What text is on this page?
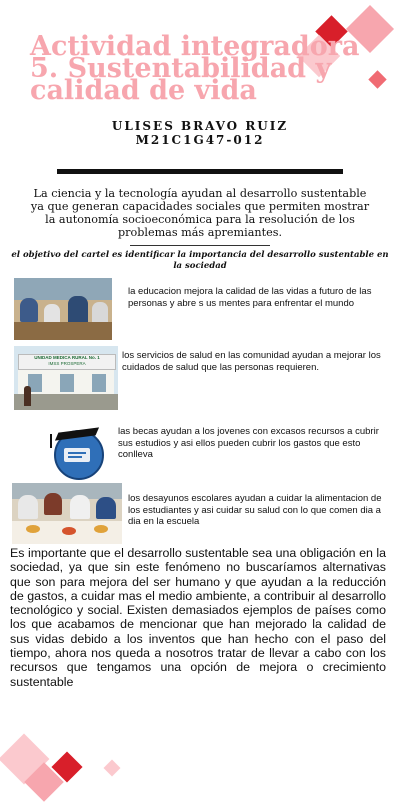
Actividad integradora
5. Sustentabilidad y
calidad de vida
ULISES BRAVO RUIZ
M21C1G47-012

La ciencia y la tecnología ayudan al desarrollo sustentable ya que generan capacidades sociales que permiten mostrar la autonomía socioeconómica para la resolución de los problemas más apremiantes.

el objetivo del cartel es identificar la importancia del desarrollo sustentable en la sociedad

la educacion mejora la calidad de las vidas a futuro de las personas y abre s us mentes para enfrentar el mundo

UNIDAD MEDICA RURAL No. 1
IMSS PROSPERA

los servicios de salud en las comunidad ayudan a mejorar los cuidados de salud que las personas requieren.

las becas ayudan a los jovenes con excasos recursos a cubrir sus estudios y asi ellos pueden cubrir los gastos que esto conlleva

los desayunos escolares ayudan a cuidar la alimentacion de los estudiantes y asi cuidar su salud con lo que comen dia a dia en la escuela

Es importante que el desarrollo sustentable sea una obligación en la sociedad, ya que sin este fenómeno no buscaríamos alternativas que son para mejora del ser humano y que ayudan a la reducción de gastos, a cuidar mas el medio ambiente, a contribuir al desarrollo tecnológico y social. Existen demasiados ejemplos de países como los que acabamos de mencionar que han mejorado la calidad de sus vidas debido a los inventos que han hecho con el paso del tiempo, ahora nos queda a nosotros tratar de llevar a cabo con los recursos que tengamos una opción de mejora o crecimiento sustentable
